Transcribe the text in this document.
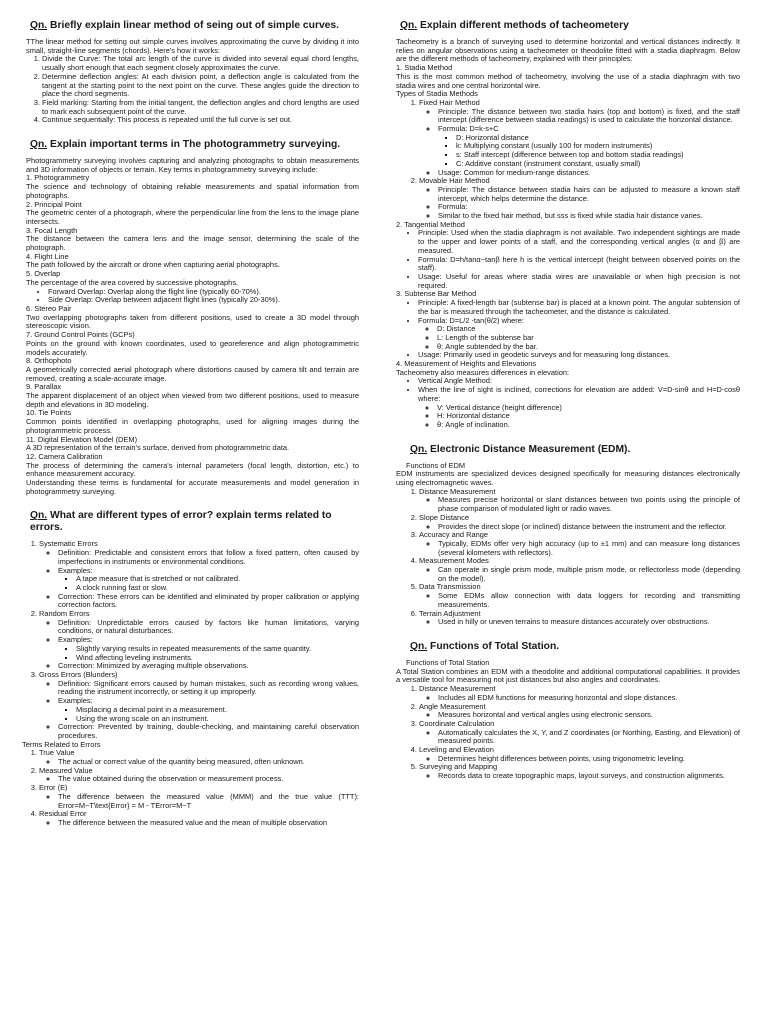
Qn. Briefly explain linear method of seing out of simple curves.

TThe linear method for setting out simple curves involves approximating the curve by dividing it into small, straight-line segments (chords). Here's how it works:

1. Divide the Curve: The total arc length of the curve is divided into several equal chord lengths, usually short enough that each segment closely approximates the curve.
2. Determine deflection angles: At each division point, a deflection angle is calculated from the tangent at the starting point to the next point on the curve. These angles guide the direction to place the chord segments.
3. Field marking: Starting from the initial tangent, the deflection angles and chord lengths are used to mark each subsequent point of the curve.
4. Continue sequentially: This process is repeated until the full curve is set out.
Qn. Explain important terms in The photogrammetry surveying.

Photogrammetry surveying involves capturing and analyzing photographs to obtain measurements and 3D information of objects or terrain. Key terms in photogrammetry surveying include:

1. Photogrammetry

The science and technology of obtaining reliable measurements and spatial information from photographs.

2. Principal Point

The geometric center of a photograph, where the perpendicular line from the lens to the image plane intersects.

3. Focal Length

The distance between the camera lens and the image sensor, determining the scale of the photograph.

4. Flight Line

The path followed by the aircraft or drone when capturing aerial photographs.

5. Overlap

The percentage of the area covered by successive photographs.

• Forward Overlap: Overlap along the flight line (typically 60-70%).
• Side Overlap: Overlap between adjacent flight lines (typically 20-30%).

6. Stereo Pair

Two overlapping photographs taken from different positions, used to create a 3D model through stereoscopic vision.

7. Ground Control Points (GCPs)

Points on the ground with known coordinates, used to georeference and align photogrammetric models accurately.

8. Orthophoto

A geometrically corrected aerial photograph where distortions caused by camera tilt and terrain are removed, creating a scale-accurate image.

9. Parallax

The apparent displacement of an object when viewed from two different positions, used to measure depth and elevations in 3D modeling.

10. Tie Points

Common points identified in overlapping photographs, used for aligning images during the photogrammetric process.

11. Digital Elevation Model (DEM)

A 3D representation of the terrain's surface, derived from photogrammetric data.

12. Camera Calibration

The process of determining the camera's internal parameters (focal length, distortion, etc.) to enhance measurement accuracy.

Understanding these terms is fundamental for accurate measurements and model generation in photogrammetry surveying.

Qn. What are different types of error? explain terms related to errors.
1. Systematic Errors
◦ Definition: Predictable and consistent errors that follow a fixed pattern, often caused by imperfections in instruments or environmental conditions.
◦ Examples:
▪ A tape measure that is stretched or not calibrated.
▪ A clock running fast or slow.
◦ Correction: These errors can be identified and eliminated by proper calibration or applying correction factors.
2. Random Errors
◦ Definition: Unpredictable errors caused by factors like human limitations, varying conditions, or natural disturbances.
◦ Examples:
▪ Slightly varying results in repeated measurements of the same quantity.
▪ Wind affecting leveling instruments.
◦ Correction: Minimized by averaging multiple observations.
3. Gross Errors (Blunders)
◦ Definition: Significant errors caused by human mistakes, such as recording wrong values, reading the instrument incorrectly, or setting it up improperly.
◦ Examples:
▪ Misplacing a decimal point in a measurement.
▪ Using the wrong scale on an instrument.
◦ Correction: Prevented by training, double-checking, and maintaining careful observation procedures.

Terms Related to Errors

1. True Value
◦ The actual or correct value of the quantity being measured, often unknown.
2. Measured Value
◦ The value obtained during the observation or measurement process.
3. Error (E)
◦ The difference between the measured value (MMM) and the true value (TTT): Error=M−T\text{Error} = M - TError=M−T
4. Residual Error
◦ The difference between the measured value and the mean of multiple observation
Qn. Explain different methods of tacheometery

Tacheometry is a branch of surveying used to determine horizontal and vertical distances indirectly. It relies on angular observations using a tacheometer or theodolite fitted with a stadia diaphragm. Below are the different methods of tacheometry, explained with their principles:

1. Stadia Method

This is the most common method of tacheometry, involving the use of a stadia diaphragm with two stadia wires and one central horizontal wire.

Types of Stadia Methods

1. Fixed Hair Method
◦ Principle: The distance between two stadia hairs (top and bottom) is fixed, and the staff intercept (difference between stadia readings) is used to calculate the horizontal distance.
◦ Formula: D=k⋅s+C
▪ D: Horizontal distance
▪ k: Multiplying constant (usually 100 for modern instruments)
▪ s: Staff intercept (difference between top and bottom stadia readings)
▪ C: Additive constant (instrument constant, usually small)
◦ Usage: Common for medium-range distances.
2. Movable Hair Method
◦ Principle: The distance between stadia hairs can be adjusted to measure a known staff intercept, which helps determine the distance.
◦ Formula:
◦ Similar to the fixed hair method, but sss is fixed while stadia hair distance varies.

2. Tangential Method

• Principle: Used when the stadia diaphragm is not available. Two independent sightings are made to the upper and lower points of a staff, and the corresponding vertical angles (α and β) are measured.
• Formula: D=h/tanα−tanβ here h is the vertical intercept (height between observed points on the staff).
• Usage: Useful for areas where stadia wires are unavailable or when high precision is not required.

3. Subtense Bar Method

• Principle: A fixed-length bar (subtense bar) is placed at a known point. The angular subtension of the bar is measured through the tacheometer, and the distance is calculated.
• Formula: D=L/2 ⋅tan(θ/2) where:
◦ D: Distance
◦ L: Length of the subtense bar
◦ θ: Angle subtended by the bar.
• Usage: Primarily used in geodetic surveys and for measuring long distances.

4. Measurement of Heights and Elevations

Tacheometry also measures differences in elevation:

• Vertical Angle Method:
• When the line of sight is inclined, corrections for elevation are added: V=D⋅sinθ and H=D⋅cosθ where:
◦ V: Vertical distance (height difference)
◦ H: Horizontal distance
◦ θ: Angle of inclination.
Qn. Electronic Distance Measurement (EDM).

Functions of EDM

EDM instruments are specialized devices designed specifically for measuring distances electronically using electromagnetic waves.

1. Distance Measurement
◦ Measures precise horizontal or slant distances between two points using the principle of phase comparison of modulated light or radio waves.
2. Slope Distance
◦ Provides the direct slope (or inclined) distance between the instrument and the reflector.
3. Accuracy and Range
◦ Typically, EDMs offer very high accuracy (up to ±1 mm) and can measure long distances (several kilometers with reflectors).
4. Measurement Modes
◦ Can operate in single prism mode, multiple prism mode, or reflectorless mode (depending on the model).
5. Data Transmission
◦ Some EDMs allow connection with data loggers for recording and transmitting measurements.
6. Terrain Adjustment
◦ Used in hilly or uneven terrains to measure distances accurately over obstructions.
Qn. Functions of Total Station.

Functions of Total Station

A Total Station combines an EDM with a theodolite and additional computational capabilities. It provides a versatile tool for measuring not just distances but also angles and coordinates.

1. Distance Measurement
◦ Includes all EDM functions for measuring horizontal and slope distances.
2. Angle Measurement
◦ Measures horizontal and vertical angles using electronic sensors.
3. Coordinate Calculation
◦ Automatically calculates the X, Y, and Z coordinates (or Northing, Easting, and Elevation) of measured points.
4. Leveling and Elevation
◦ Determines height differences between points, using trigonometric leveling.
5. Surveying and Mapping
◦ Records data to create topographic maps, layout surveys, and construction alignments.
